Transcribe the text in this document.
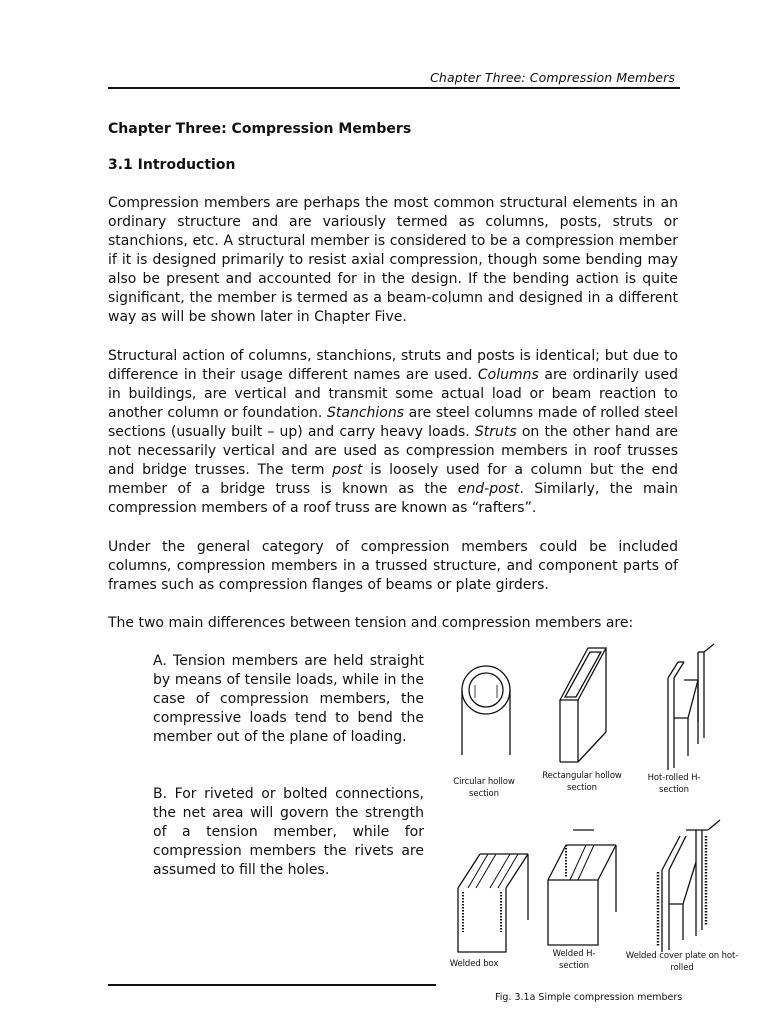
Chapter Three: Compression Members
Chapter Three: Compression Members
3.1 Introduction

Compression members are perhaps the most common structural elements in an ordinary structure and are variously termed as columns, posts, struts or stanchions, etc. A structural member is considered to be a compression member if it is designed primarily to resist axial compression, though some bending may also be present and accounted for in the design. If the bending action is quite significant, the member is termed as a beam-column and designed in a different way as will be shown later in Chapter Five.

Structural action of columns, stanchions, struts and posts is identical; but due to difference in their usage different names are used. Columns are ordinarily used in buildings, are vertical and transmit some actual load or beam reaction to another column or foundation. Stanchions are steel columns made of rolled steel sections (usually built – up) and carry heavy loads. Struts on the other hand are not necessarily vertical and are used as compression members in roof trusses and bridge trusses. The term post is loosely used for a column but the end member of a bridge truss is known as the end-post. Similarly, the main compression members of a roof truss are known as “rafters”.

Under the general category of compression members could be included columns, compression members in a trussed structure, and component parts of frames such as compression flanges of beams or plate girders.

The two main differences between tension and compression members are:

A. Tension members are held straight by means of tensile loads, while in the case of compression members, the compressive loads tend to bend the member out of the plane of loading.

B. For riveted or bolted connections, the net area will govern the strength of a tension member, while for compression members the rivets are assumed to fill the holes.

Circular hollow section
Rectangular hollow section
Hot-rolled H-section
Welded box
Welded H-section
Welded cover plate on hot-rolled
Fig. 3.1a Simple compression members
